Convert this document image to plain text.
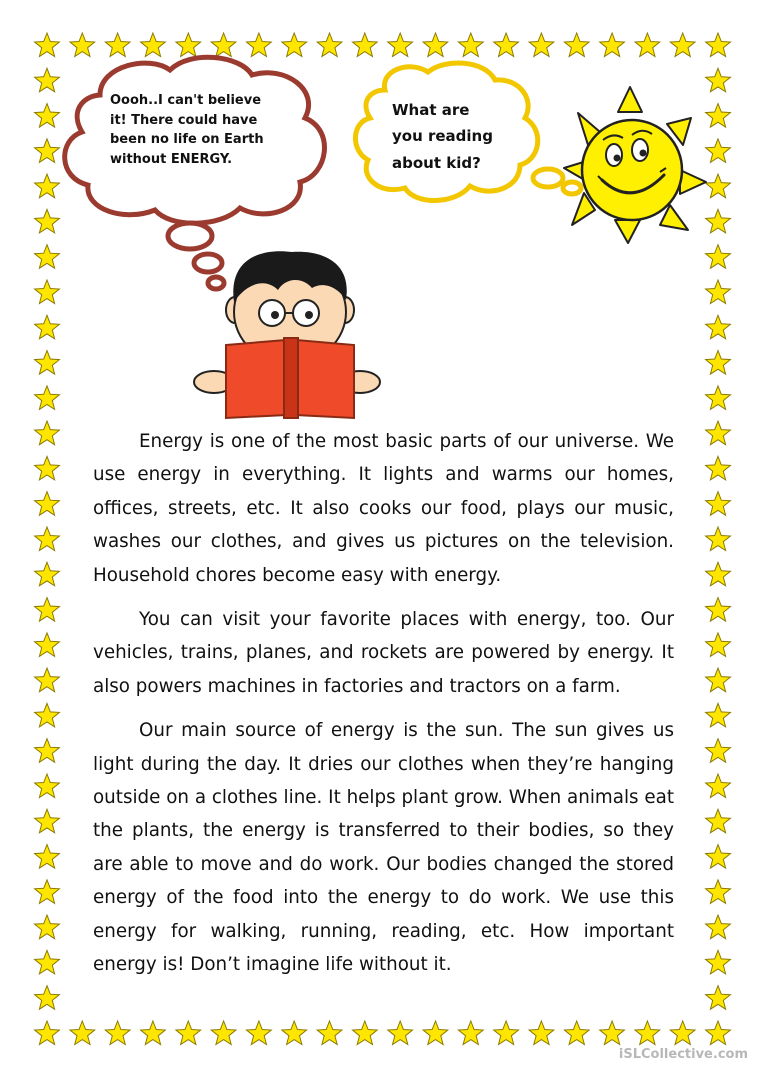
Oooh..I can't believe it! There could have been no life on Earth without ENERGY.
What are you reading about kid?

Energy is one of the most basic parts of our universe. We use energy in everything. It lights and warms our homes, offices, streets, etc. It also cooks our food, plays our music, washes our clothes, and gives us pictures on the television. Household chores become easy with energy.

You can visit your favorite places with energy, too. Our vehicles, trains, planes, and rockets are powered by energy. It also powers machines in factories and tractors on a farm.

Our main source of energy is the sun. The sun gives us light during the day. It dries our clothes when they’re hanging outside on a clothes line. It helps plant grow. When animals eat the plants, the energy is transferred to their bodies, so they are able to move and do work. Our bodies changed the stored energy of the food into the energy to do work. We use this energy for walking, running, reading, etc. How important energy is! Don’t imagine life without it.

iSLCollective.com
